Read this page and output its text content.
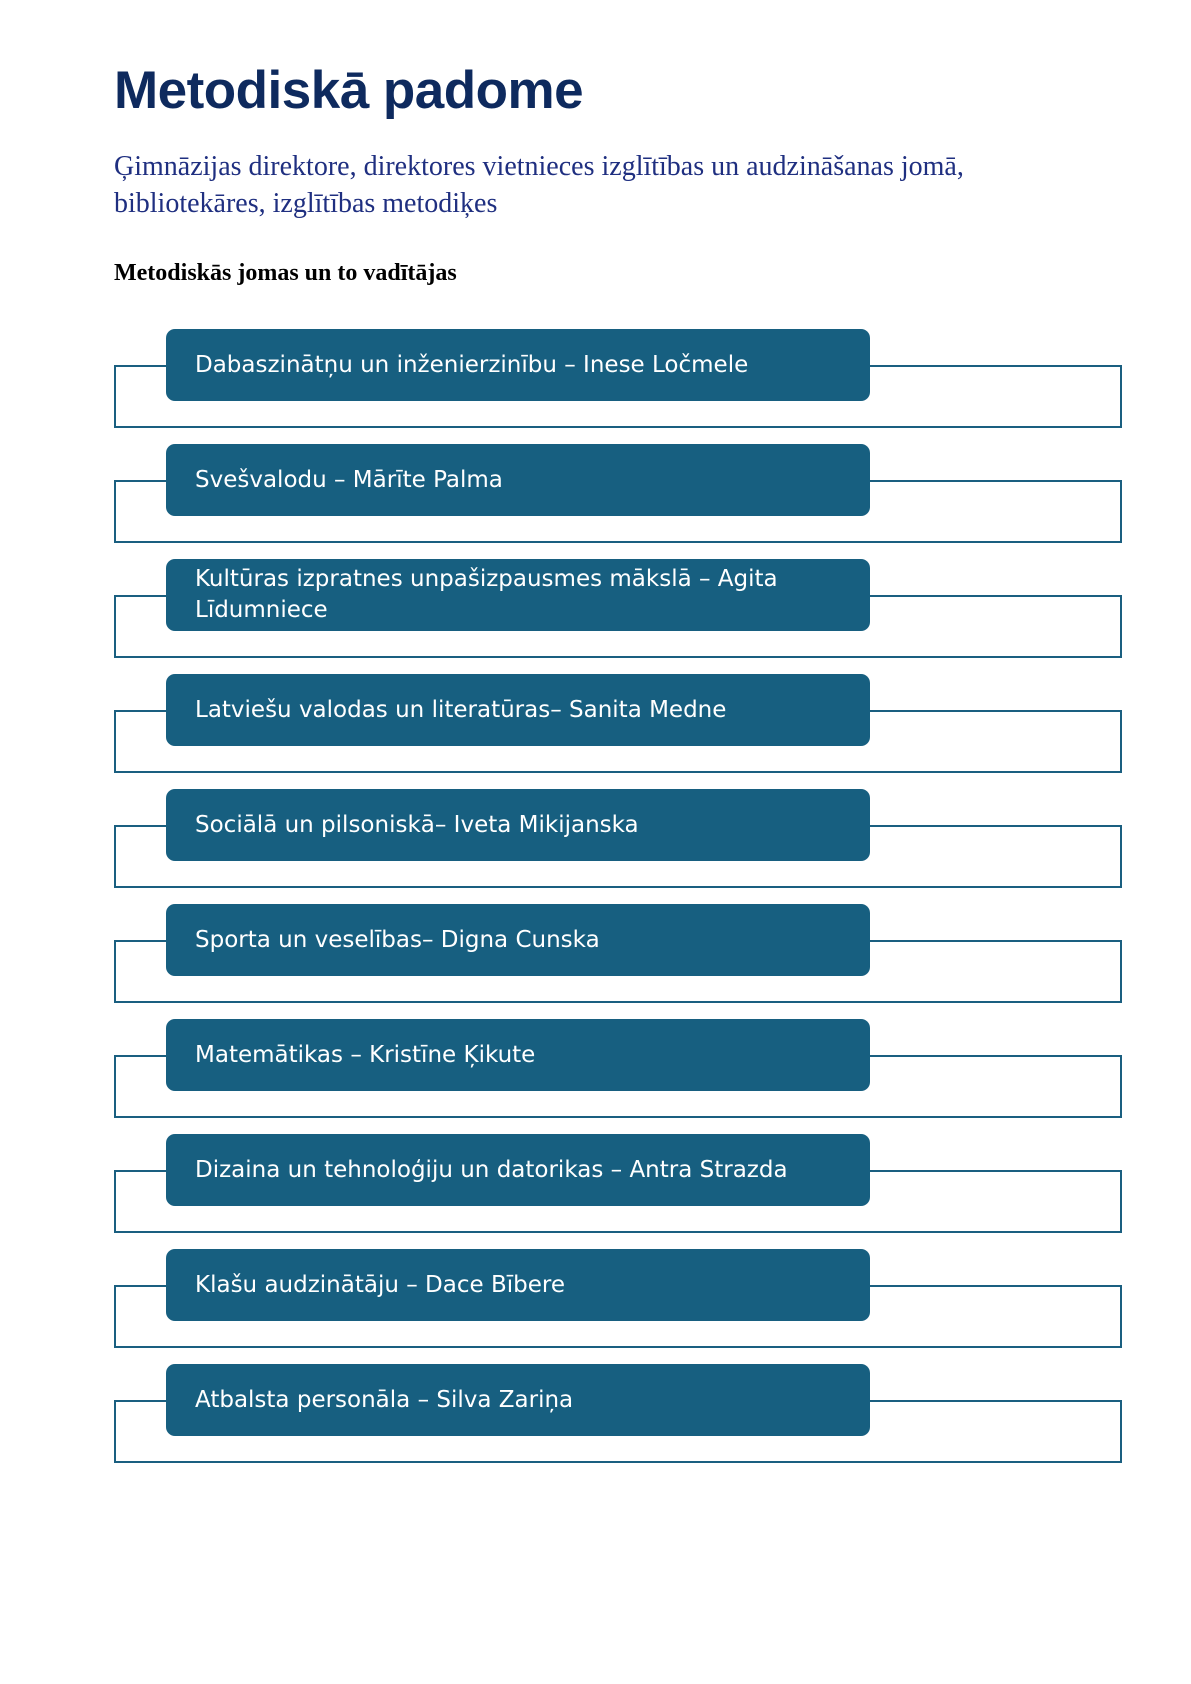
Metodiskā padome

Ģimnāzijas direktore, direktores vietnieces izglītības un audzināšanas jomā, bibliotekāres, izglītības metodiķes

Metodiskās jomas un to vadītājas

Dabaszinātņu un inženierzinību – Inese Ločmele
Svešvalodu – Mārīte Palma
Kultūras izpratnes unpašizpausmes mākslā – Agita Līdumniece
Latviešu valodas un literatūras– Sanita Medne
Sociālā un pilsoniskā– Iveta Mikijanska
Sporta un veselības– Digna Cunska
Matemātikas – Kristīne Ķikute
Dizaina un tehnoloģiju un datorikas – Antra Strazda
Klašu audzinātāju – Dace Bībere
Atbalsta personāla – Silva Zariņa
